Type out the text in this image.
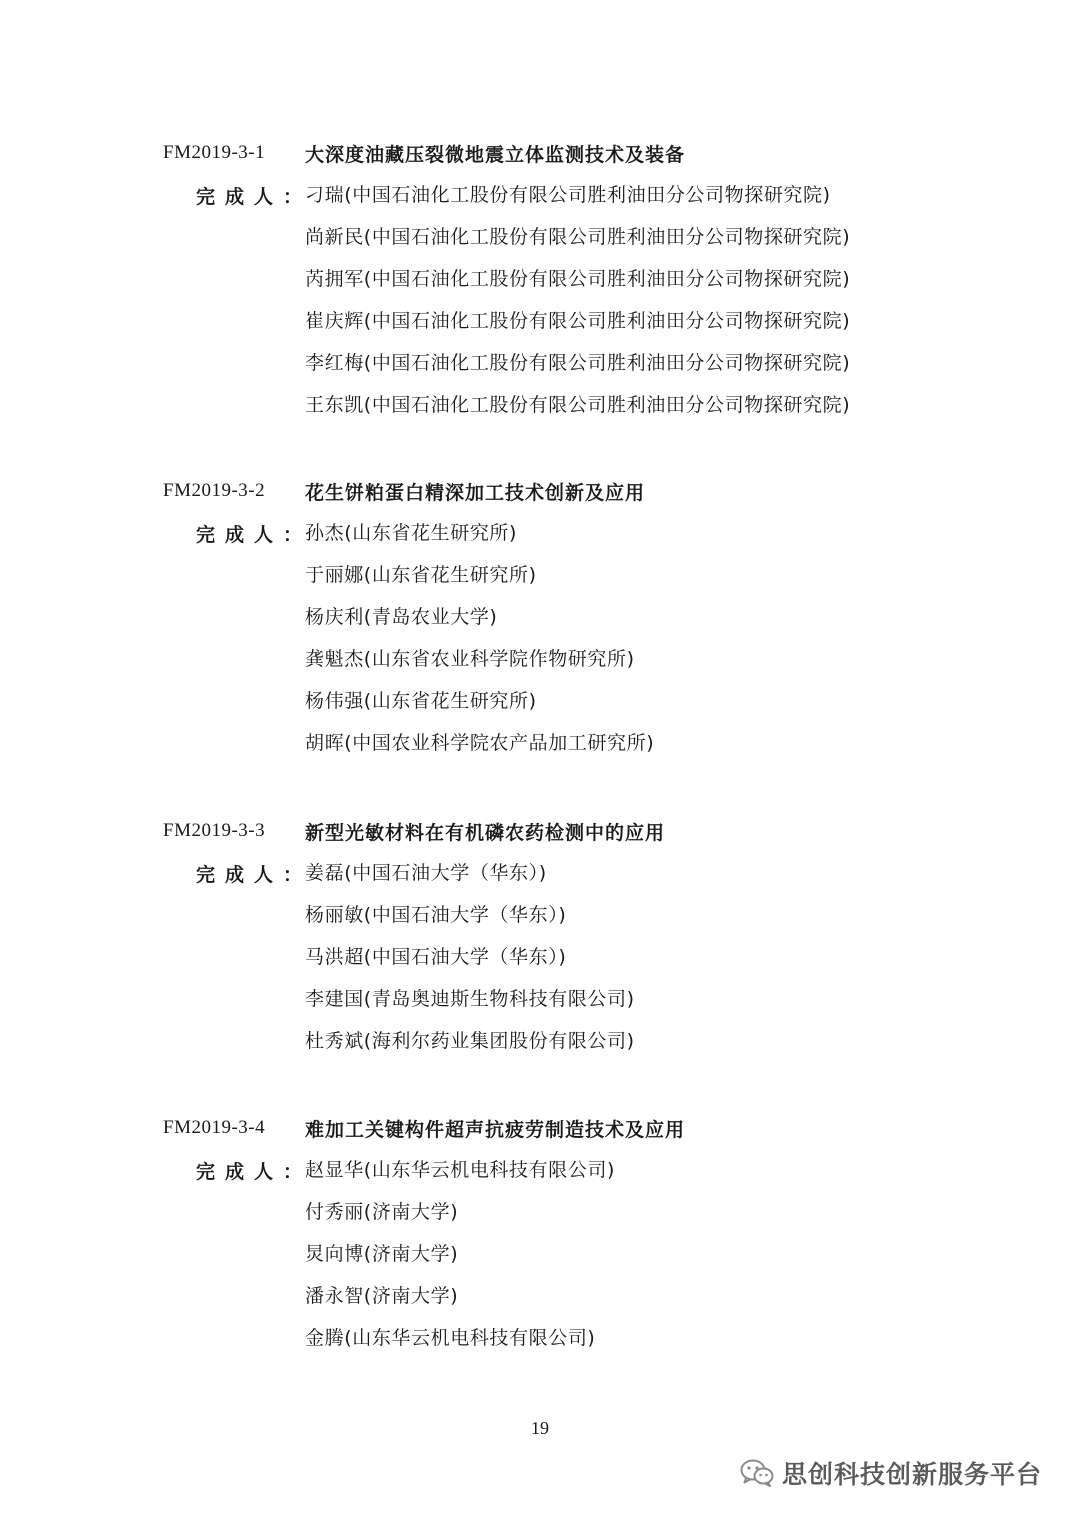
FM2019-3-1	大深度油藏压裂微地震立体监测技术及装备
完成人：
刁瑞(中国石油化工股份有限公司胜利油田分公司物探研究院)
尚新民(中国石油化工股份有限公司胜利油田分公司物探研究院)
芮拥军(中国石油化工股份有限公司胜利油田分公司物探研究院)
崔庆辉(中国石油化工股份有限公司胜利油田分公司物探研究院)
李红梅(中国石油化工股份有限公司胜利油田分公司物探研究院)
王东凯(中国石油化工股份有限公司胜利油田分公司物探研究院)
FM2019-3-2	花生饼粕蛋白精深加工技术创新及应用
完成人：
孙杰(山东省花生研究所)
于丽娜(山东省花生研究所)
杨庆利(青岛农业大学)
龚魁杰(山东省农业科学院作物研究所)
杨伟强(山东省花生研究所)
胡晖(中国农业科学院农产品加工研究所)
FM2019-3-3	新型光敏材料在有机磷农药检测中的应用
完成人：
姜磊(中国石油大学（华东）)
杨丽敏(中国石油大学（华东）)
马洪超(中国石油大学（华东）)
李建国(青岛奥迪斯生物科技有限公司)
杜秀斌(海利尔药业集团股份有限公司)
FM2019-3-4	难加工关键构件超声抗疲劳制造技术及应用
完成人：
赵显华(山东华云机电科技有限公司)
付秀丽(济南大学)
炅向博(济南大学)
潘永智(济南大学)
金腾(山东华云机电科技有限公司)
19
思创科技创新服务平台
